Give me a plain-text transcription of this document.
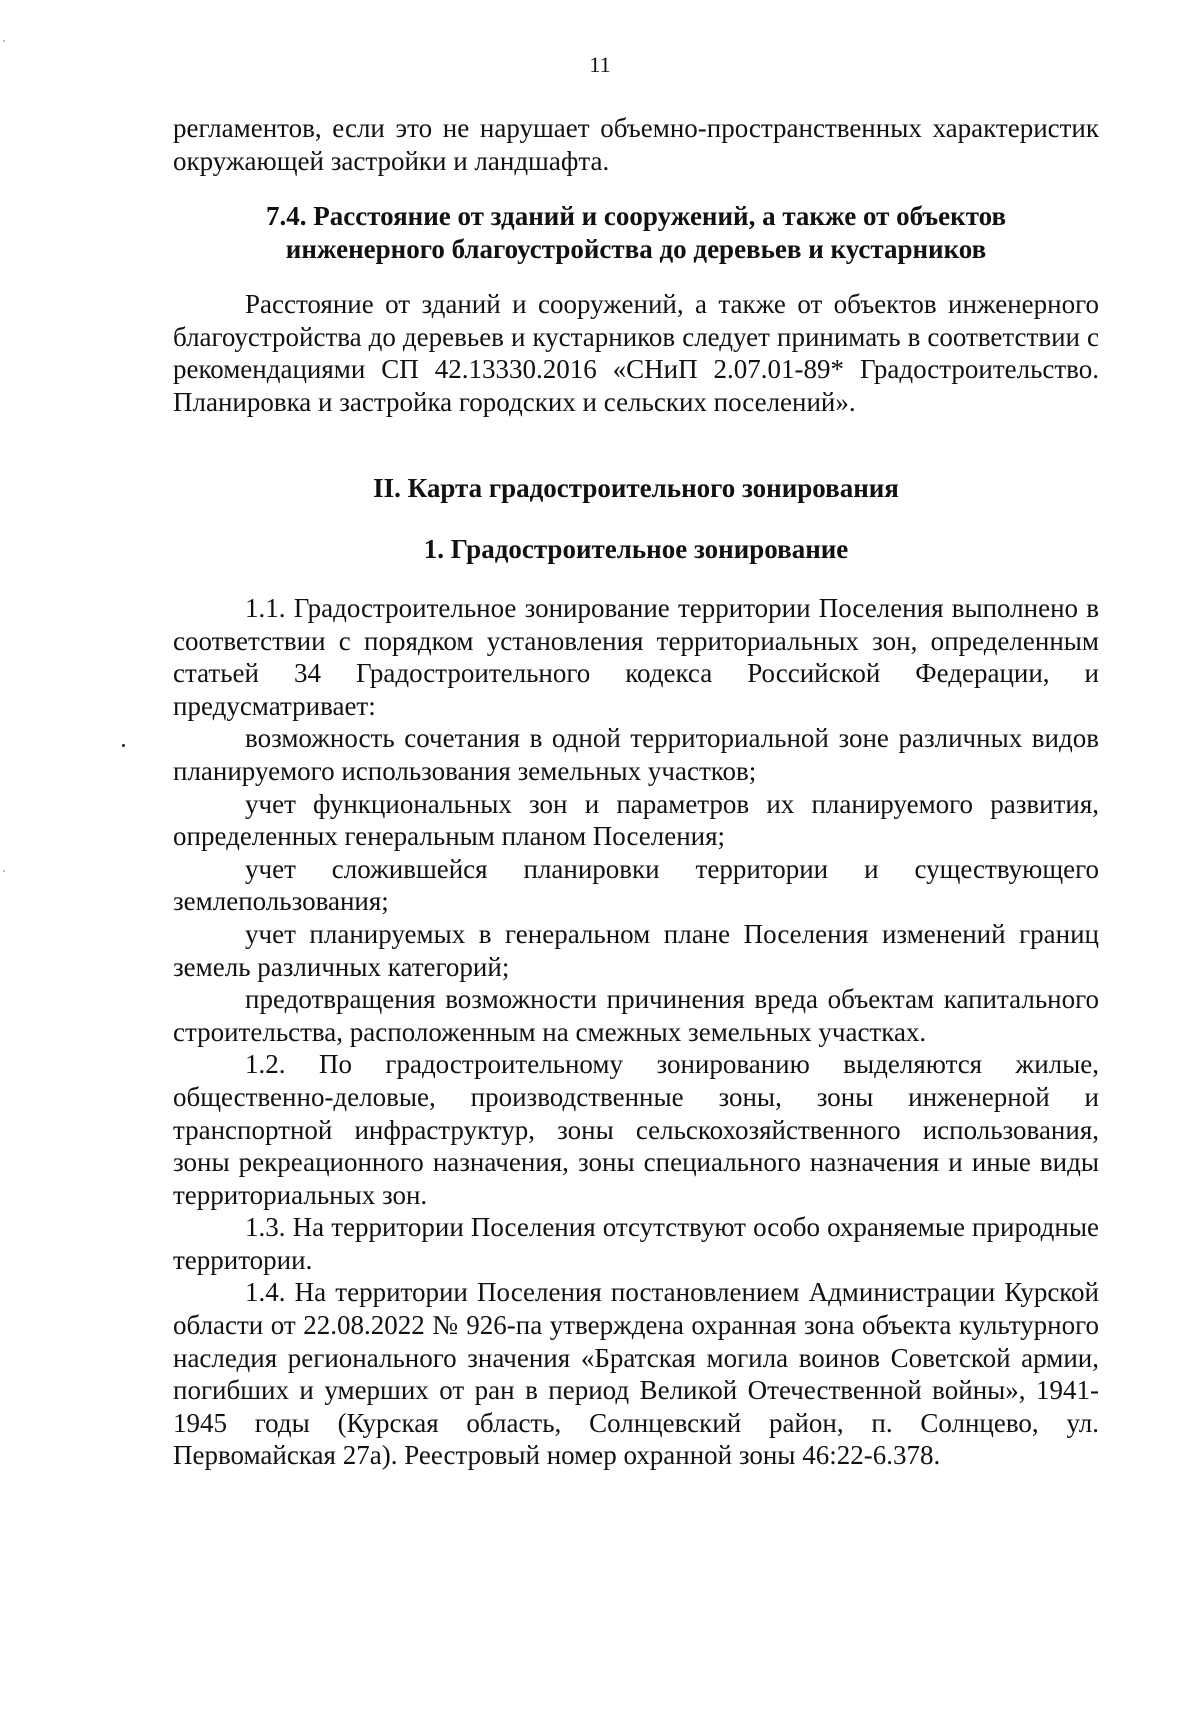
11

регламентов, если это не нарушает объемно-пространственных характеристик окружающей застройки и ландшафта.

7.4. Расстояние от зданий и сооружений, а также от объектов

инженерного благоустройства до деревьев и кустарников

Расстояние от зданий и сооружений, а также от объектов инженерного благоустройства до деревьев и кустарников следует принимать в соответствии с рекомендациями СП 42.13330.2016 «СНиП 2.07.01-89* Градостроительство. Планировка и застройка городских и сельских поселений».

II. Карта градостроительного зонирования

1. Градостроительное зонирование

1.1. Градостроительное зонирование территории Поселения выполнено в соответствии с порядком установления территориальных зон, определенным статьей 34 Градостроительного кодекса Российской Федерации, и предусматривает:

возможность сочетания в одной территориальной зоне различных видов планируемого использования земельных участков;

учет функциональных зон и параметров их планируемого развития, определенных генеральным планом Поселения;

учет сложившейся планировки территории и существующего землепользования;

учет планируемых в генеральном плане Поселения изменений границ земель различных категорий;

предотвращения возможности причинения вреда объектам капитального строительства, расположенным на смежных земельных участках.

1.2. По градостроительному зонированию выделяются жилые, общественно-деловые, производственные зоны, зоны инженерной и транспортной инфраструктур, зоны сельскохозяйственного использования, зоны рекреационного назначения, зоны специального назначения и иные виды территориальных зон.

1.3. На территории Поселения отсутствуют особо охраняемые природные территории.

1.4. На территории Поселения постановлением Администрации Курской области от 22.08.2022 № 926-па утверждена охранная зона объекта культурного наследия регионального значения «Братская могила воинов Советской армии, погибших и умерших от ран в период Великой Отечественной войны», 1941-1945 годы (Курская область, Солнцевский район, п. Солнцево, ул. Первомайская 27а). Реестровый номер охранной зоны 46:22-6.378.
